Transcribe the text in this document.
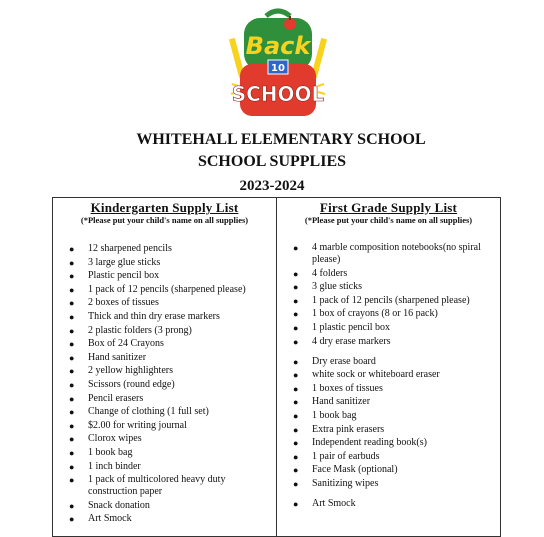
Back
10
SCHOOL
WHITEHALL ELEMENTARY SCHOOL
SCHOOL SUPPLIES
2023-2024
Kindergarten Supply List
(*Please put your child's name on all supplies)
● 12 sharpened pencils
● 3 large glue sticks
● Plastic pencil box
● 1 pack of 12 pencils (sharpened please)
● 2 boxes of tissues
● Thick and thin dry erase markers
● 2 plastic folders (3 prong)
● Box of 24 Crayons
● Hand sanitizer
● 2 yellow highlighters
● Scissors (round edge)
● Pencil erasers
● Change of clothing (1 full set)
● $2.00 for writing journal
● Clorox wipes
● 1 book bag
● 1 inch binder
● 1 pack of multicolored heavy duty construction paper
● Snack donation
● Art Smock
First Grade Supply List
(*Please put your child's name on all supplies)
● 4 marble composition notebooks(no spiral please)
● 4 folders
● 3 glue sticks
● 1 pack of 12 pencils (sharpened please)
● 1 box of crayons (8 or 16 pack)
● 1 plastic pencil box
● 4 dry erase markers
● Dry erase board
● white sock or whiteboard eraser
● 1 boxes of tissues
● Hand sanitizer
● 1 book bag
● Extra pink erasers
● Independent reading book(s)
● 1 pair of earbuds
● Face Mask (optional)
● Sanitizing wipes
● Art Smock
